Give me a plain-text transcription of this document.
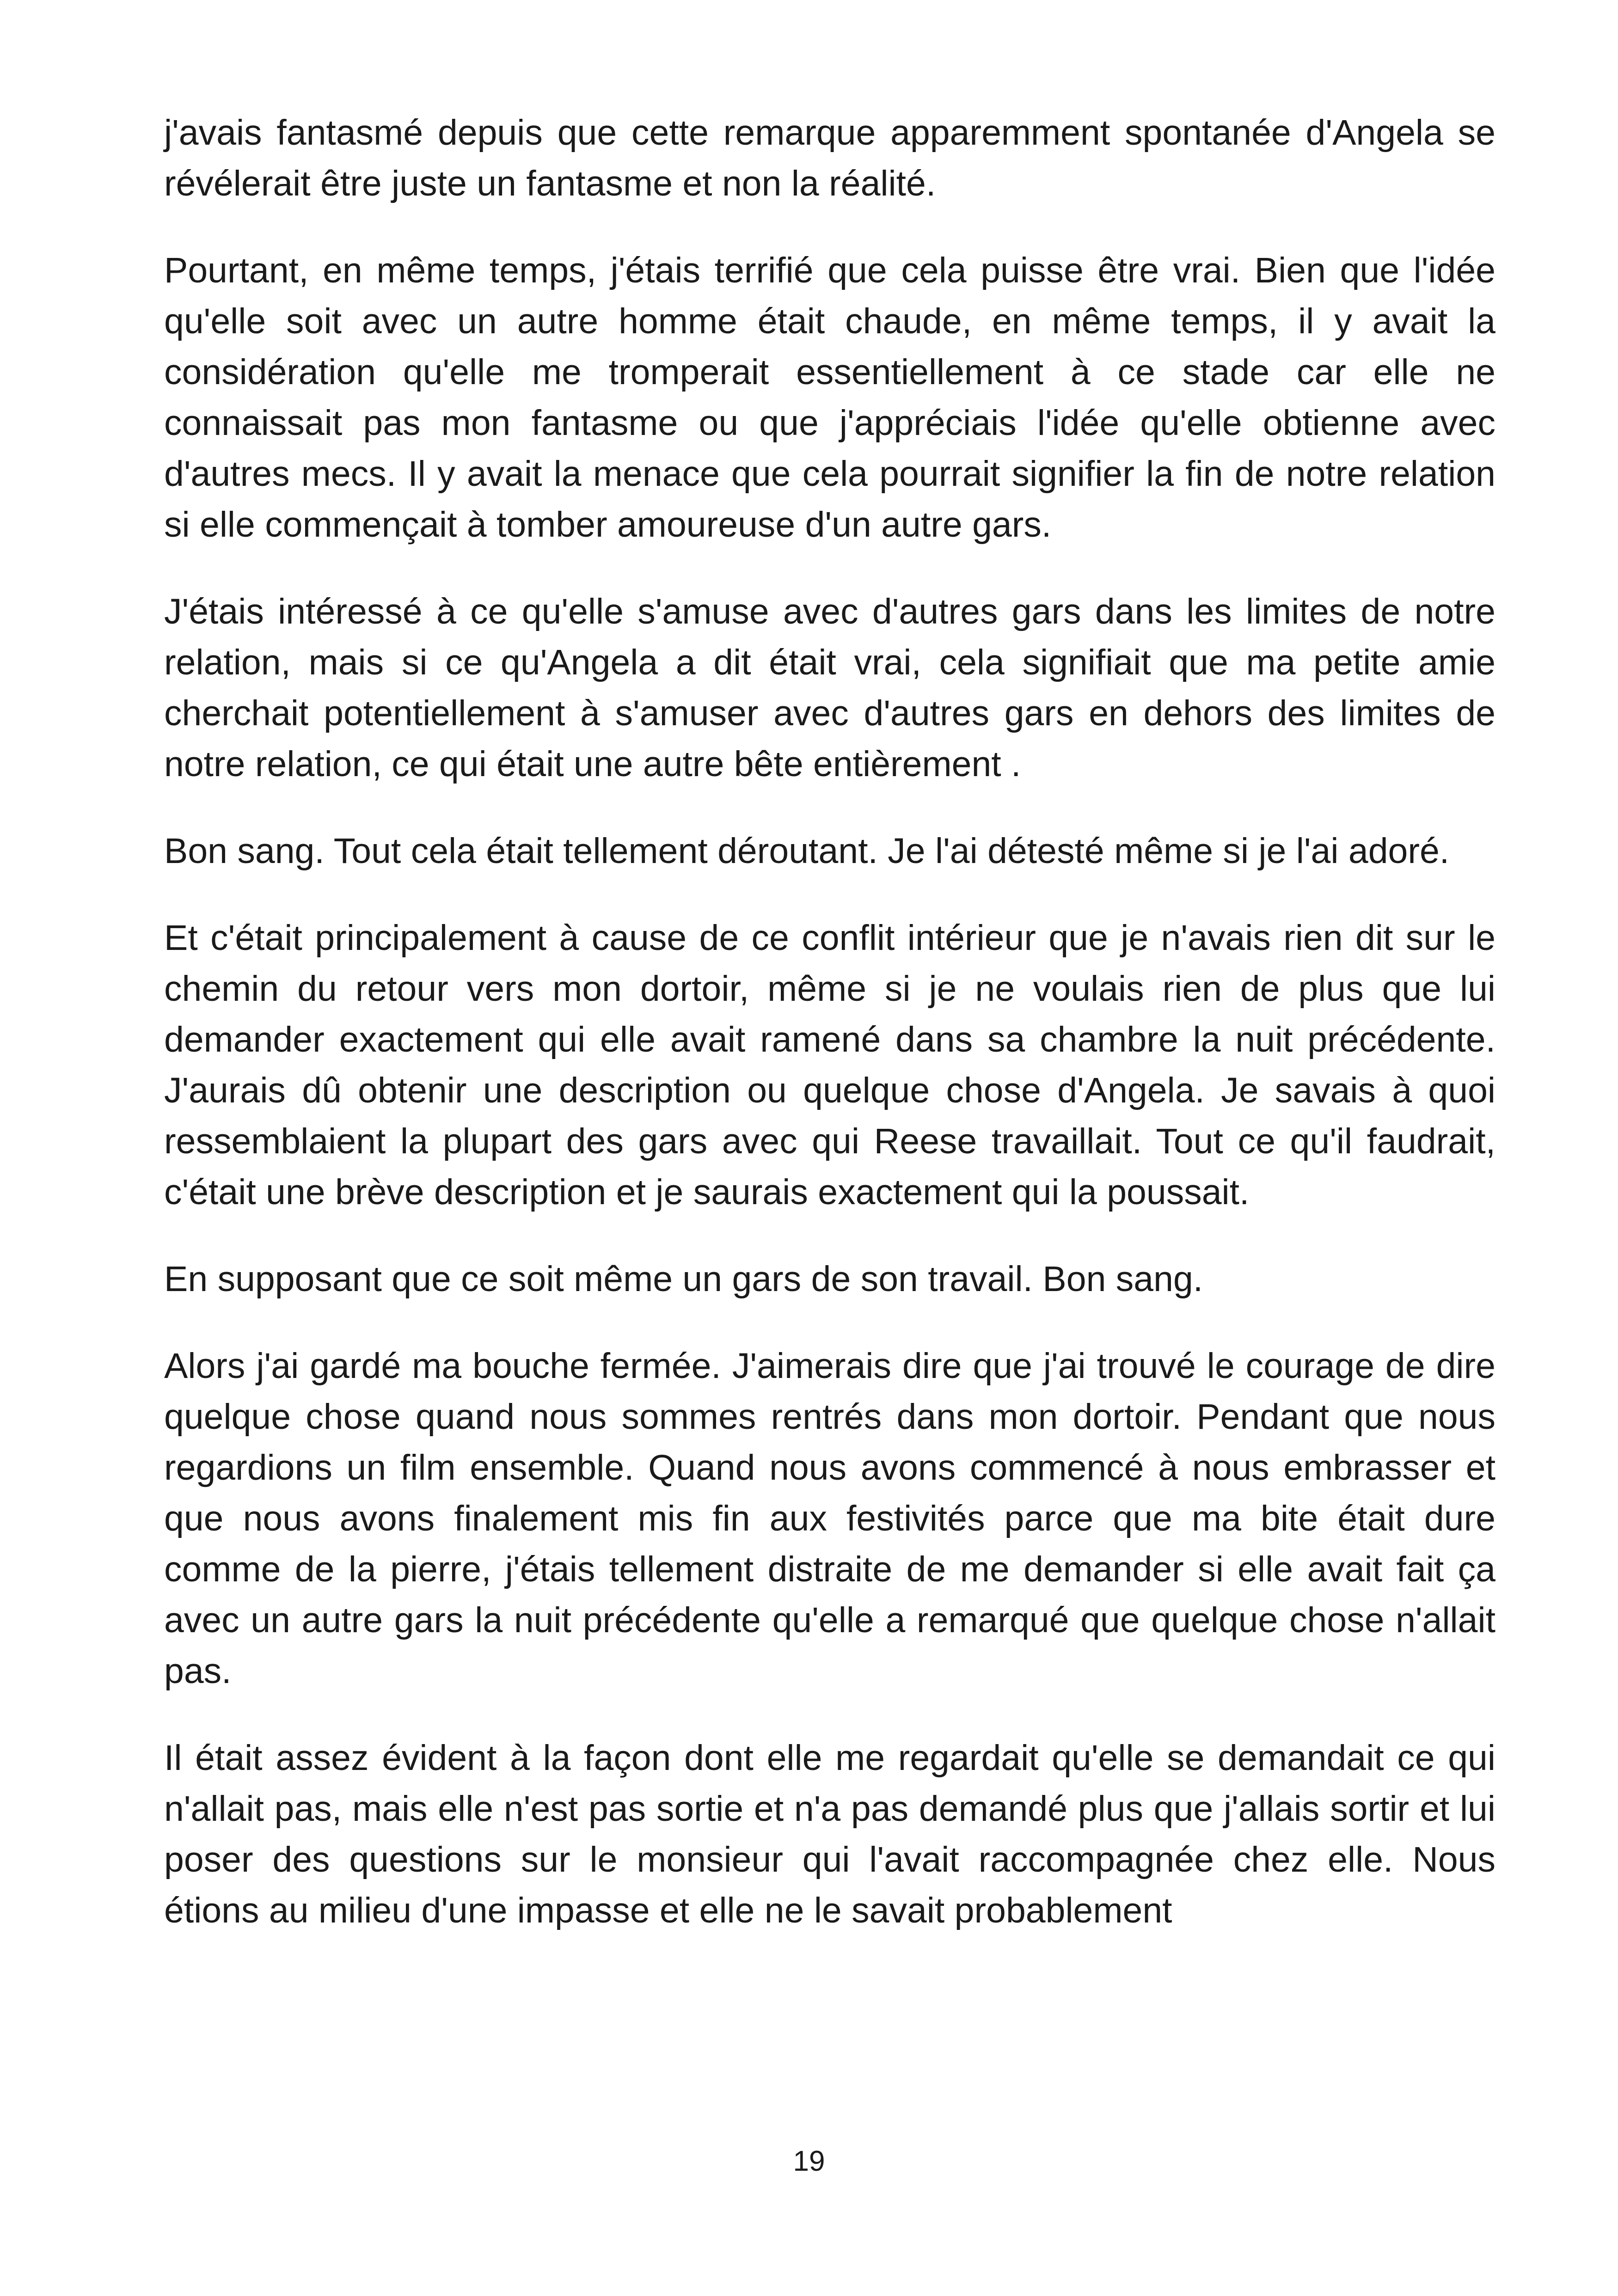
j'avais fantasmé depuis que cette remarque apparemment spontanée d'Angela se révélerait être juste un fantasme et non la réalité.

Pourtant, en même temps, j'étais terrifié que cela puisse être vrai. Bien que l'idée qu'elle soit avec un autre homme était chaude, en même temps, il y avait la considération qu'elle me tromperait essentiellement à ce stade car elle ne connaissait pas mon fantasme ou que j'appréciais l'idée qu'elle obtienne avec d'autres mecs. Il y avait la menace que cela pourrait signifier la fin de notre relation si elle commençait à tomber amoureuse d'un autre gars.

J'étais intéressé à ce qu'elle s'amuse avec d'autres gars dans les limites de notre relation, mais si ce qu'Angela a dit était vrai, cela signifiait que ma petite amie cherchait potentiellement à s'amuser avec d'autres gars en dehors des limites de notre relation, ce qui était une autre bête entièrement .

Bon sang. Tout cela était tellement déroutant. Je l'ai détesté même si je l'ai adoré.

Et c'était principalement à cause de ce conflit intérieur que je n'avais rien dit sur le chemin du retour vers mon dortoir, même si je ne voulais rien de plus que lui demander exactement qui elle avait ramené dans sa chambre la nuit précédente. J'aurais dû obtenir une description ou quelque chose d'Angela. Je savais à quoi ressemblaient la plupart des gars avec qui Reese travaillait. Tout ce qu'il faudrait, c'était une brève description et je saurais exactement qui la poussait.

En supposant que ce soit même un gars de son travail. Bon sang.

Alors j'ai gardé ma bouche fermée. J'aimerais dire que j'ai trouvé le courage de dire quelque chose quand nous sommes rentrés dans mon dortoir. Pendant que nous regardions un film ensemble. Quand nous avons commencé à nous embrasser et que nous avons finalement mis fin aux festivités parce que ma bite était dure comme de la pierre, j'étais tellement distraite de me demander si elle avait fait ça avec un autre gars la nuit précédente qu'elle a remarqué que quelque chose n'allait pas.

Il était assez évident à la façon dont elle me regardait qu'elle se demandait ce qui n'allait pas, mais elle n'est pas sortie et n'a pas demandé plus que j'allais sortir et lui poser des questions sur le monsieur qui l'avait raccompagnée chez elle. Nous étions au milieu d'une impasse et elle ne le savait probablement

19
